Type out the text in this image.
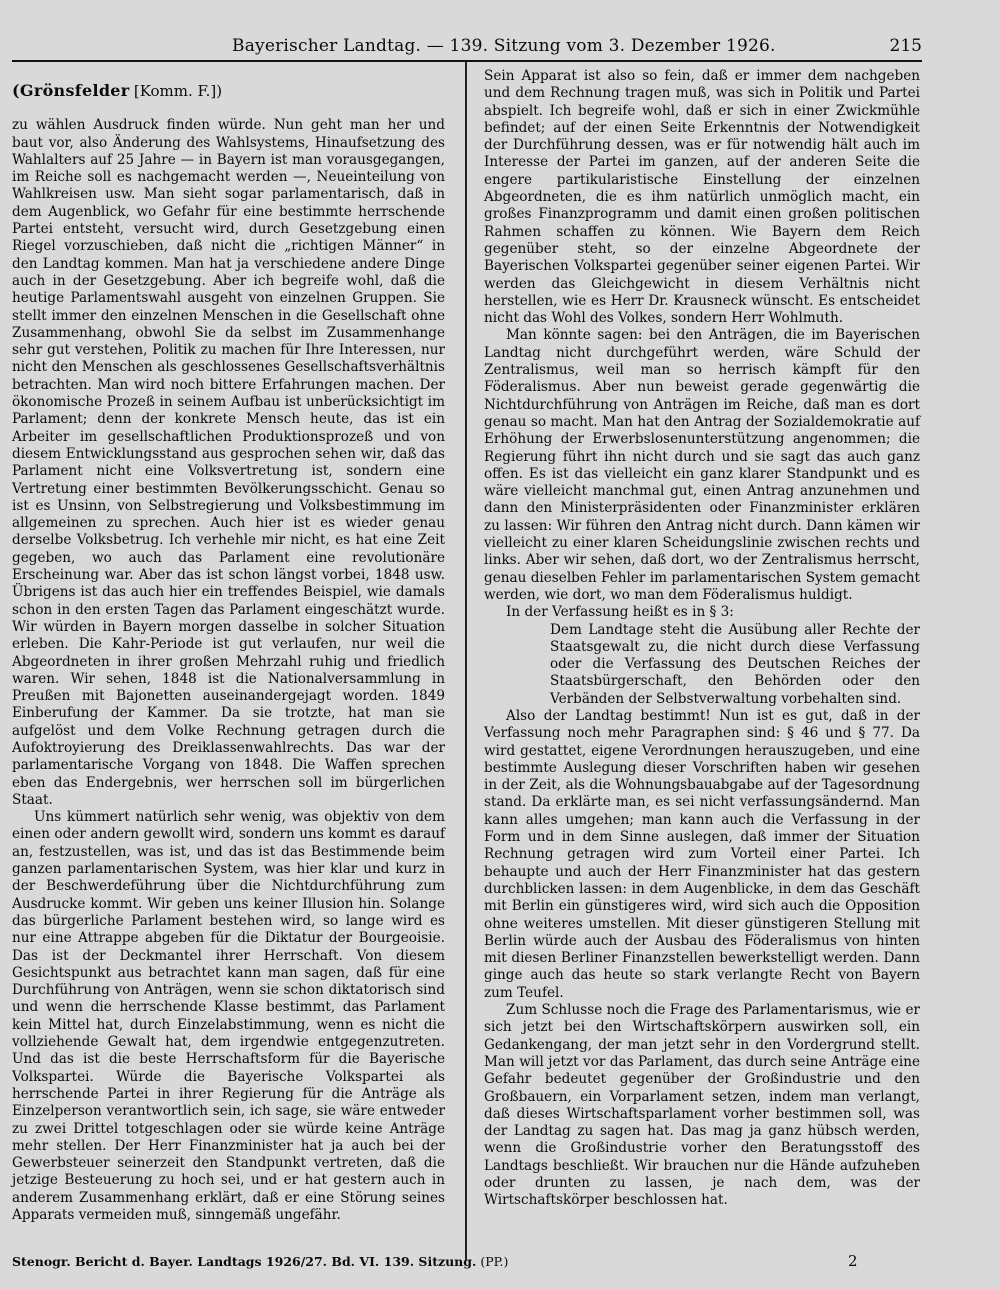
Bayerischer Landtag. — 139. Sitzung vom 3. Dezember 1926.	215

(Grönsfelder [Komm. F.])

zu wählen Ausdruck finden würde. Nun geht man her und baut vor, also Änderung des Wahlsystems, Hinaufsetzung des Wahlalters auf 25 Jahre — in Bayern ist man vorausgegangen, im Reiche soll es nachgemacht werden —, Neueinteilung von Wahlkreisen usw. Man sieht sogar parlamentarisch, daß in dem Augenblick, wo Gefahr für eine bestimmte herrschende Partei entsteht, versucht wird, durch Gesetzgebung einen Riegel vorzuschieben, daß nicht die „richtigen Männer“ in den Landtag kommen. Man hat ja verschiedene andere Dinge auch in der Gesetzgebung. Aber ich begreife wohl, daß die heutige Parlamentswahl ausgeht von einzelnen Gruppen. Sie stellt immer den einzelnen Menschen in die Gesellschaft ohne Zusammenhang, obwohl Sie da selbst im Zusammenhange sehr gut verstehen, Politik zu machen für Ihre Interessen, nur nicht den Menschen als geschlossenes Gesellschaftsverhältnis betrachten. Man wird noch bittere Erfahrungen machen. Der ökonomische Prozeß in seinem Aufbau ist unberücksichtigt im Parlament; denn der konkrete Mensch heute, das ist ein Arbeiter im gesellschaftlichen Produktionsprozeß und von diesem Entwicklungsstand aus gesprochen sehen wir, daß das Parlament nicht eine Volksvertretung ist, sondern eine Vertretung einer bestimmten Bevölkerungsschicht. Genau so ist es Unsinn, von Selbstregierung und Volksbestimmung im allgemeinen zu sprechen. Auch hier ist es wieder genau derselbe Volksbetrug. Ich verhehle mir nicht, es hat eine Zeit gegeben, wo auch das Parlament eine revolutionäre Erscheinung war. Aber das ist schon längst vorbei, 1848 usw. Übrigens ist das auch hier ein treffendes Beispiel, wie damals schon in den ersten Tagen das Parlament eingeschätzt wurde. Wir würden in Bayern morgen dasselbe in solcher Situation erleben. Die Kahr-Periode ist gut verlaufen, nur weil die Abgeordneten in ihrer großen Mehrzahl ruhig und friedlich waren. Wir sehen, 1848 ist die Nationalversammlung in Preußen mit Bajonetten auseinandergejagt worden. 1849 Einberufung der Kammer. Da sie trotzte, hat man sie aufgelöst und dem Volke Rechnung getragen durch die Aufoktroyierung des Dreiklassenwahlrechts. Das war der parlamentarische Vorgang von 1848. Die Waffen sprechen eben das Endergebnis, wer herrschen soll im bürgerlichen Staat.

Uns kümmert natürlich sehr wenig, was objektiv von dem einen oder andern gewollt wird, sondern uns kommt es darauf an, festzustellen, was ist, und das ist das Bestimmende beim ganzen parlamentarischen System, was hier klar und kurz in der Beschwerdeführung über die Nichtdurchführung zum Ausdrucke kommt. Wir geben uns keiner Illusion hin. Solange das bürgerliche Parlament bestehen wird, so lange wird es nur eine Attrappe abgeben für die Diktatur der Bourgeoisie. Das ist der Deckmantel ihrer Herrschaft. Von diesem Gesichtspunkt aus betrachtet kann man sagen, daß für eine Durchführung von Anträgen, wenn sie schon diktatorisch sind und wenn die herrschende Klasse bestimmt, das Parlament kein Mittel hat, durch Einzelabstimmung, wenn es nicht die vollziehende Gewalt hat, dem irgendwie entgegenzutreten. Und das ist die beste Herrschaftsform für die Bayerische Volkspartei. Würde die Bayerische Volkspartei als herrschende Partei in ihrer Regierung für die Anträge als Einzelperson verantwortlich sein, ich sage, sie wäre entweder zu zwei Drittel totgeschlagen oder sie würde keine Anträge mehr stellen. Der Herr Finanzminister hat ja auch bei der Gewerbsteuer seinerzeit den Standpunkt vertreten, daß die jetzige Besteuerung zu hoch sei, und er hat gestern auch in anderem Zusammenhang erklärt, daß er eine Störung seines Apparats vermeiden muß, sinngemäß ungefähr.

Sein Apparat ist also so fein, daß er immer dem nachgeben und dem Rechnung tragen muß, was sich in Politik und Partei abspielt. Ich begreife wohl, daß er sich in einer Zwickmühle befindet; auf der einen Seite Erkenntnis der Notwendigkeit der Durchführung dessen, was er für notwendig hält auch im Interesse der Partei im ganzen, auf der anderen Seite die engere partikularistische Einstellung der einzelnen Abgeordneten, die es ihm natürlich unmöglich macht, ein großes Finanzprogramm und damit einen großen politischen Rahmen schaffen zu können. Wie Bayern dem Reich gegenüber steht, so der einzelne Abgeordnete der Bayerischen Volkspartei gegenüber seiner eigenen Partei. Wir werden das Gleichgewicht in diesem Verhältnis nicht herstellen, wie es Herr Dr. Krausneck wünscht. Es entscheidet nicht das Wohl des Volkes, sondern Herr Wohlmuth.

Man könnte sagen: bei den Anträgen, die im Bayerischen Landtag nicht durchgeführt werden, wäre Schuld der Zentralismus, weil man so herrisch kämpft für den Föderalismus. Aber nun beweist gerade gegenwärtig die Nichtdurchführung von Anträgen im Reiche, daß man es dort genau so macht. Man hat den Antrag der Sozialdemokratie auf Erhöhung der Erwerbslosenunterstützung angenommen; die Regierung führt ihn nicht durch und sie sagt das auch ganz offen. Es ist das vielleicht ein ganz klarer Standpunkt und es wäre vielleicht manchmal gut, einen Antrag anzunehmen und dann den Ministerpräsidenten oder Finanzminister erklären zu lassen: Wir führen den Antrag nicht durch. Dann kämen wir vielleicht zu einer klaren Scheidungslinie zwischen rechts und links. Aber wir sehen, daß dort, wo der Zentralismus herrscht, genau dieselben Fehler im parlamentarischen System gemacht werden, wie dort, wo man dem Föderalismus huldigt.

In der Verfassung heißt es in § 3:

Dem Landtage steht die Ausübung aller Rechte der Staatsgewalt zu, die nicht durch diese Verfassung oder die Verfassung des Deutschen Reiches der Staatsbürgerschaft, den Behörden oder den Verbänden der Selbstverwaltung vorbehalten sind.

Also der Landtag bestimmt! Nun ist es gut, daß in der Verfassung noch mehr Paragraphen sind: § 46 und § 77. Da wird gestattet, eigene Verordnungen herauszugeben, und eine bestimmte Auslegung dieser Vorschriften haben wir gesehen in der Zeit, als die Wohnungsbauabgabe auf der Tagesordnung stand. Da erklärte man, es sei nicht verfassungsändernd. Man kann alles umgehen; man kann auch die Verfassung in der Form und in dem Sinne auslegen, daß immer der Situation Rechnung getragen wird zum Vorteil einer Partei. Ich behaupte und auch der Herr Finanzminister hat das gestern durchblicken lassen: in dem Augenblicke, in dem das Geschäft mit Berlin ein günstigeres wird, wird sich auch die Opposition ohne weiteres umstellen. Mit dieser günstigeren Stellung mit Berlin würde auch der Ausbau des Föderalismus von hinten mit diesen Berliner Finanzstellen bewerkstelligt werden. Dann ginge auch das heute so stark verlangte Recht von Bayern zum Teufel.

Zum Schlusse noch die Frage des Parlamentarismus, wie er sich jetzt bei den Wirtschaftskörpern auswirken soll, ein Gedankengang, der man jetzt sehr in den Vordergrund stellt. Man will jetzt vor das Parlament, das durch seine Anträge eine Gefahr bedeutet gegenüber der Großindustrie und den Großbauern, ein Vorparlament setzen, indem man verlangt, daß dieses Wirtschaftsparlament vorher bestimmen soll, was der Landtag zu sagen hat. Das mag ja ganz hübsch werden, wenn die Großindustrie vorher den Beratungsstoff des Landtags beschließt. Wir brauchen nur die Hände aufzuheben oder drunten zu lassen, je nach dem, was der Wirtschaftskörper beschlossen hat.

Stenogr. Bericht d. Bayer. Landtags 1926/27. Bd. VI. 139. Sitzung. (PP.)	2
